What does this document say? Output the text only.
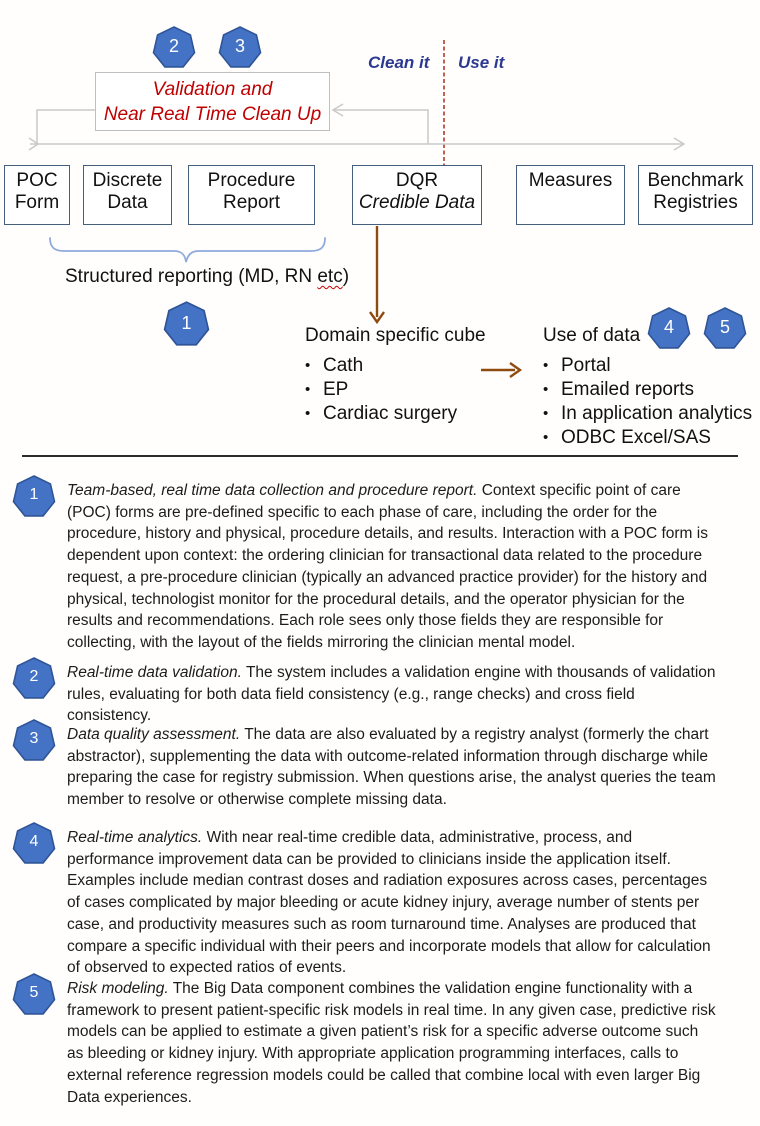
2	3
Validation and
Near Real Time Clean Up
Clean it Use it
POC
Form
Discrete
Data
Procedure
Report
DQR
Credible Data
Measures	Benchmark
Registries
Structured reporting (MD, RN etc)
1
Domain specific cube
• Cath
• EP
• Cardiac surgery
Use of data
• Portal
• Emailed reports
• In application analytics
• ODBC Excel/SAS
4	5
1	Team-based, real time data collection and procedure report. Context specific point of care (POC) forms are pre-defined specific to each phase of care, including the order for the procedure, history and physical, procedure details, and results. Interaction with a POC form is dependent upon context: the ordering clinician for transactional data related to the procedure request, a pre-procedure clinician (typically an advanced practice provider) for the history and physical, technologist monitor for the procedural details, and the operator physician for the results and recommendations. Each role sees only those fields they are responsible for collecting, with the layout of the fields mirroring the clinician mental model.
2	Real-time data validation. The system includes a validation engine with thousands of validation rules, evaluating for both data field consistency (e.g., range checks) and cross field consistency.
3	Data quality assessment. The data are also evaluated by a registry analyst (formerly the chart abstractor), supplementing the data with outcome-related information through discharge while preparing the case for registry submission. When questions arise, the analyst queries the team member to resolve or otherwise complete missing data.
4	Real-time analytics. With near real-time credible data, administrative, process, and performance improvement data can be provided to clinicians inside the application itself. Examples include median contrast doses and radiation exposures across cases, percentages of cases complicated by major bleeding or acute kidney injury, average number of stents per case, and productivity measures such as room turnaround time. Analyses are produced that compare a specific individual with their peers and incorporate models that allow for calculation of observed to expected ratios of events.
5	Risk modeling. The Big Data component combines the validation engine functionality with a framework to present patient-specific risk models in real time. In any given case, predictive risk models can be applied to estimate a given patient’s risk for a specific adverse outcome such as bleeding or kidney injury. With appropriate application programming interfaces, calls to external reference regression models could be called that combine local with even larger Big Data experiences.
